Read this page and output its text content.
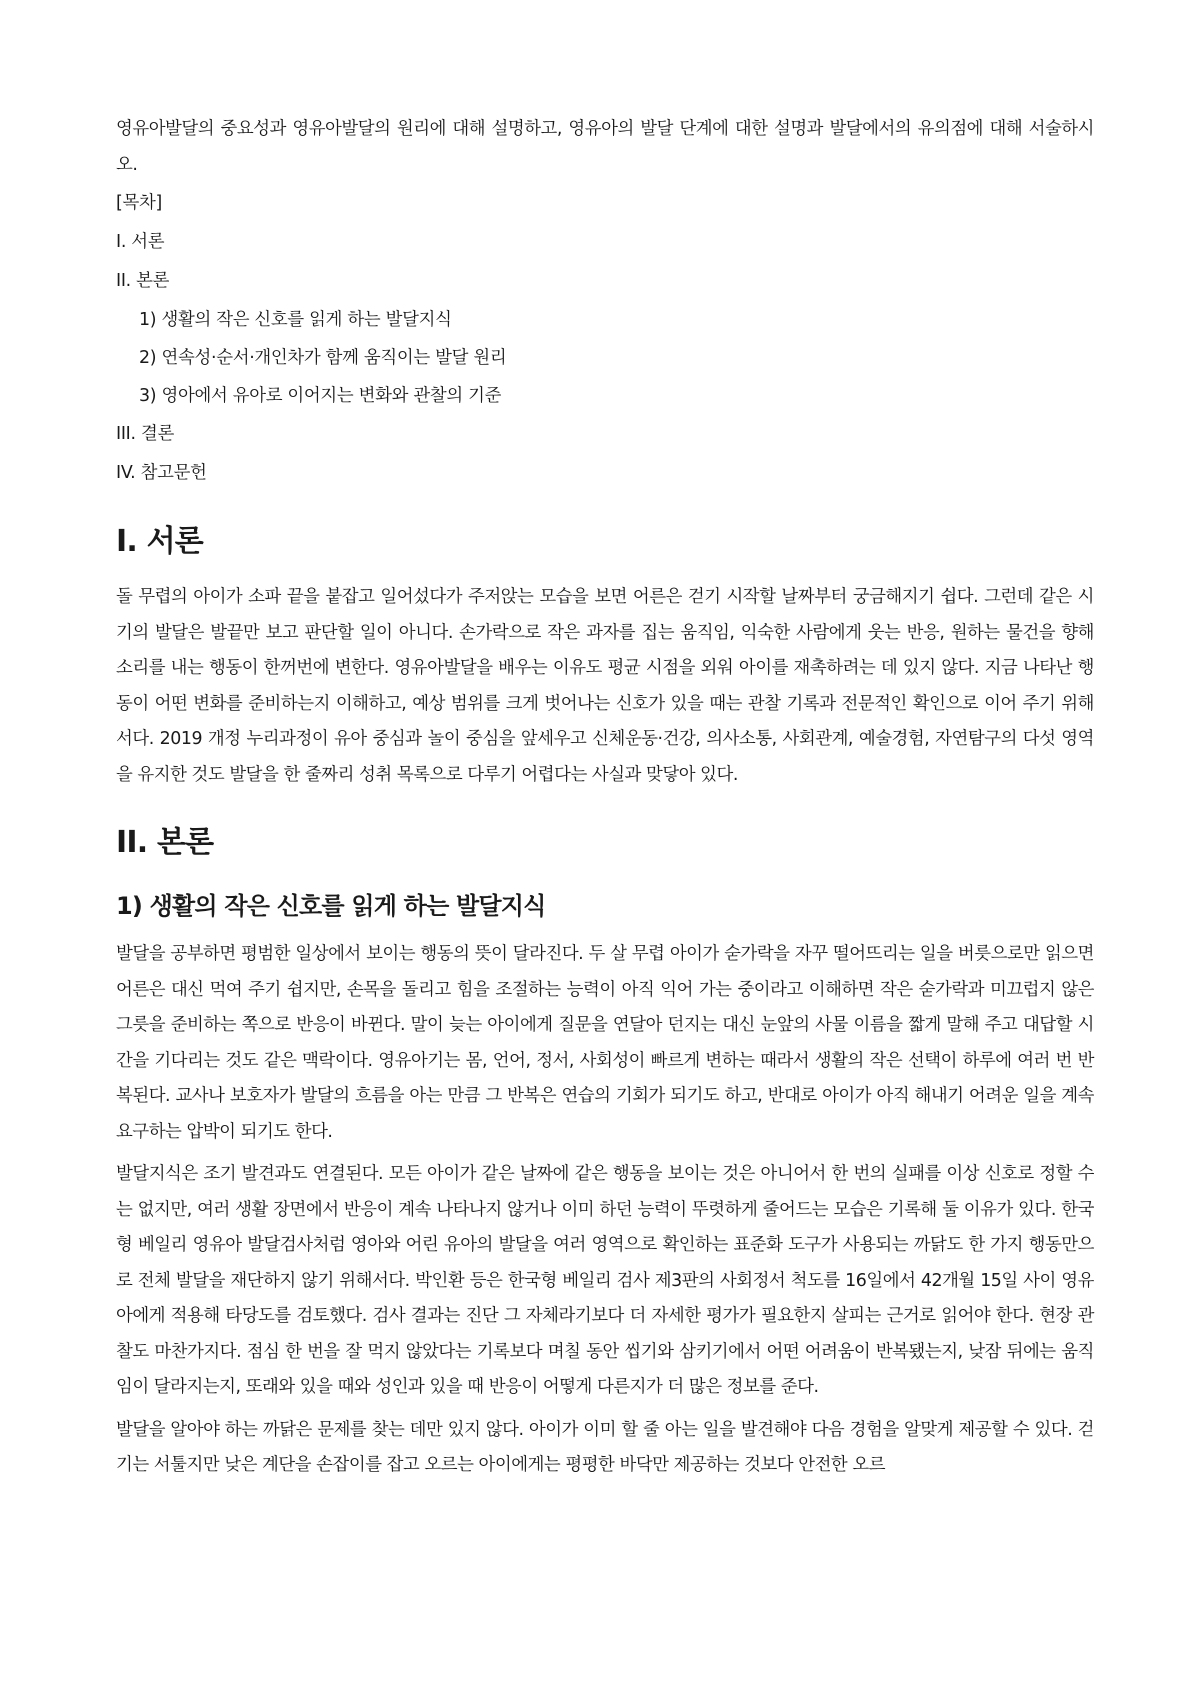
영유아발달의 중요성과 영유아발달의 원리에 대해 설명하고, 영유아의 발달 단계에 대한 설명과 발달에서의 유의점에 대해 서술하시오.

[목차]
I. 서론
II. 본론
1) 생활의 작은 신호를 읽게 하는 발달지식
2) 연속성·순서·개인차가 함께 움직이는 발달 원리
3) 영아에서 유아로 이어지는 변화와 관찰의 기준
III. 결론
IV. 참고문헌
I. 서론

돌 무렵의 아이가 소파 끝을 붙잡고 일어섰다가 주저앉는 모습을 보면 어른은 걷기 시작할 날짜부터 궁금해지기 쉽다. 그런데 같은 시기의 발달은 발끝만 보고 판단할 일이 아니다. 손가락으로 작은 과자를 집는 움직임, 익숙한 사람에게 웃는 반응, 원하는 물건을 향해 소리를 내는 행동이 한꺼번에 변한다. 영유아발달을 배우는 이유도 평균 시점을 외워 아이를 재촉하려는 데 있지 않다. 지금 나타난 행동이 어떤 변화를 준비하는지 이해하고, 예상 범위를 크게 벗어나는 신호가 있을 때는 관찰 기록과 전문적인 확인으로 이어 주기 위해서다. 2019 개정 누리과정이 유아 중심과 놀이 중심을 앞세우고 신체운동·건강, 의사소통, 사회관계, 예술경험, 자연탐구의 다섯 영역을 유지한 것도 발달을 한 줄짜리 성취 목록으로 다루기 어렵다는 사실과 맞닿아 있다.

II. 본론
1) 생활의 작은 신호를 읽게 하는 발달지식

발달을 공부하면 평범한 일상에서 보이는 행동의 뜻이 달라진다. 두 살 무렵 아이가 숟가락을 자꾸 떨어뜨리는 일을 버릇으로만 읽으면 어른은 대신 먹여 주기 쉽지만, 손목을 돌리고 힘을 조절하는 능력이 아직 익어 가는 중이라고 이해하면 작은 숟가락과 미끄럽지 않은 그릇을 준비하는 쪽으로 반응이 바뀐다. 말이 늦는 아이에게 질문을 연달아 던지는 대신 눈앞의 사물 이름을 짧게 말해 주고 대답할 시간을 기다리는 것도 같은 맥락이다. 영유아기는 몸, 언어, 정서, 사회성이 빠르게 변하는 때라서 생활의 작은 선택이 하루에 여러 번 반복된다. 교사나 보호자가 발달의 흐름을 아는 만큼 그 반복은 연습의 기회가 되기도 하고, 반대로 아이가 아직 해내기 어려운 일을 계속 요구하는 압박이 되기도 한다.

발달지식은 조기 발견과도 연결된다. 모든 아이가 같은 날짜에 같은 행동을 보이는 것은 아니어서 한 번의 실패를 이상 신호로 정할 수는 없지만, 여러 생활 장면에서 반응이 계속 나타나지 않거나 이미 하던 능력이 뚜렷하게 줄어드는 모습은 기록해 둘 이유가 있다. 한국형 베일리 영유아 발달검사처럼 영아와 어린 유아의 발달을 여러 영역으로 확인하는 표준화 도구가 사용되는 까닭도 한 가지 행동만으로 전체 발달을 재단하지 않기 위해서다. 박인환 등은 한국형 베일리 검사 제3판의 사회정서 척도를 16일에서 42개월 15일 사이 영유아에게 적용해 타당도를 검토했다. 검사 결과는 진단 그 자체라기보다 더 자세한 평가가 필요한지 살피는 근거로 읽어야 한다. 현장 관찰도 마찬가지다. 점심 한 번을 잘 먹지 않았다는 기록보다 며칠 동안 씹기와 삼키기에서 어떤 어려움이 반복됐는지, 낮잠 뒤에는 움직임이 달라지는지, 또래와 있을 때와 성인과 있을 때 반응이 어떻게 다른지가 더 많은 정보를 준다.

발달을 알아야 하는 까닭은 문제를 찾는 데만 있지 않다. 아이가 이미 할 줄 아는 일을 발견해야 다음 경험을 알맞게 제공할 수 있다. 걷기는 서툴지만 낮은 계단을 손잡이를 잡고 오르는 아이에게는 평평한 바닥만 제공하는 것보다 안전한 오르
